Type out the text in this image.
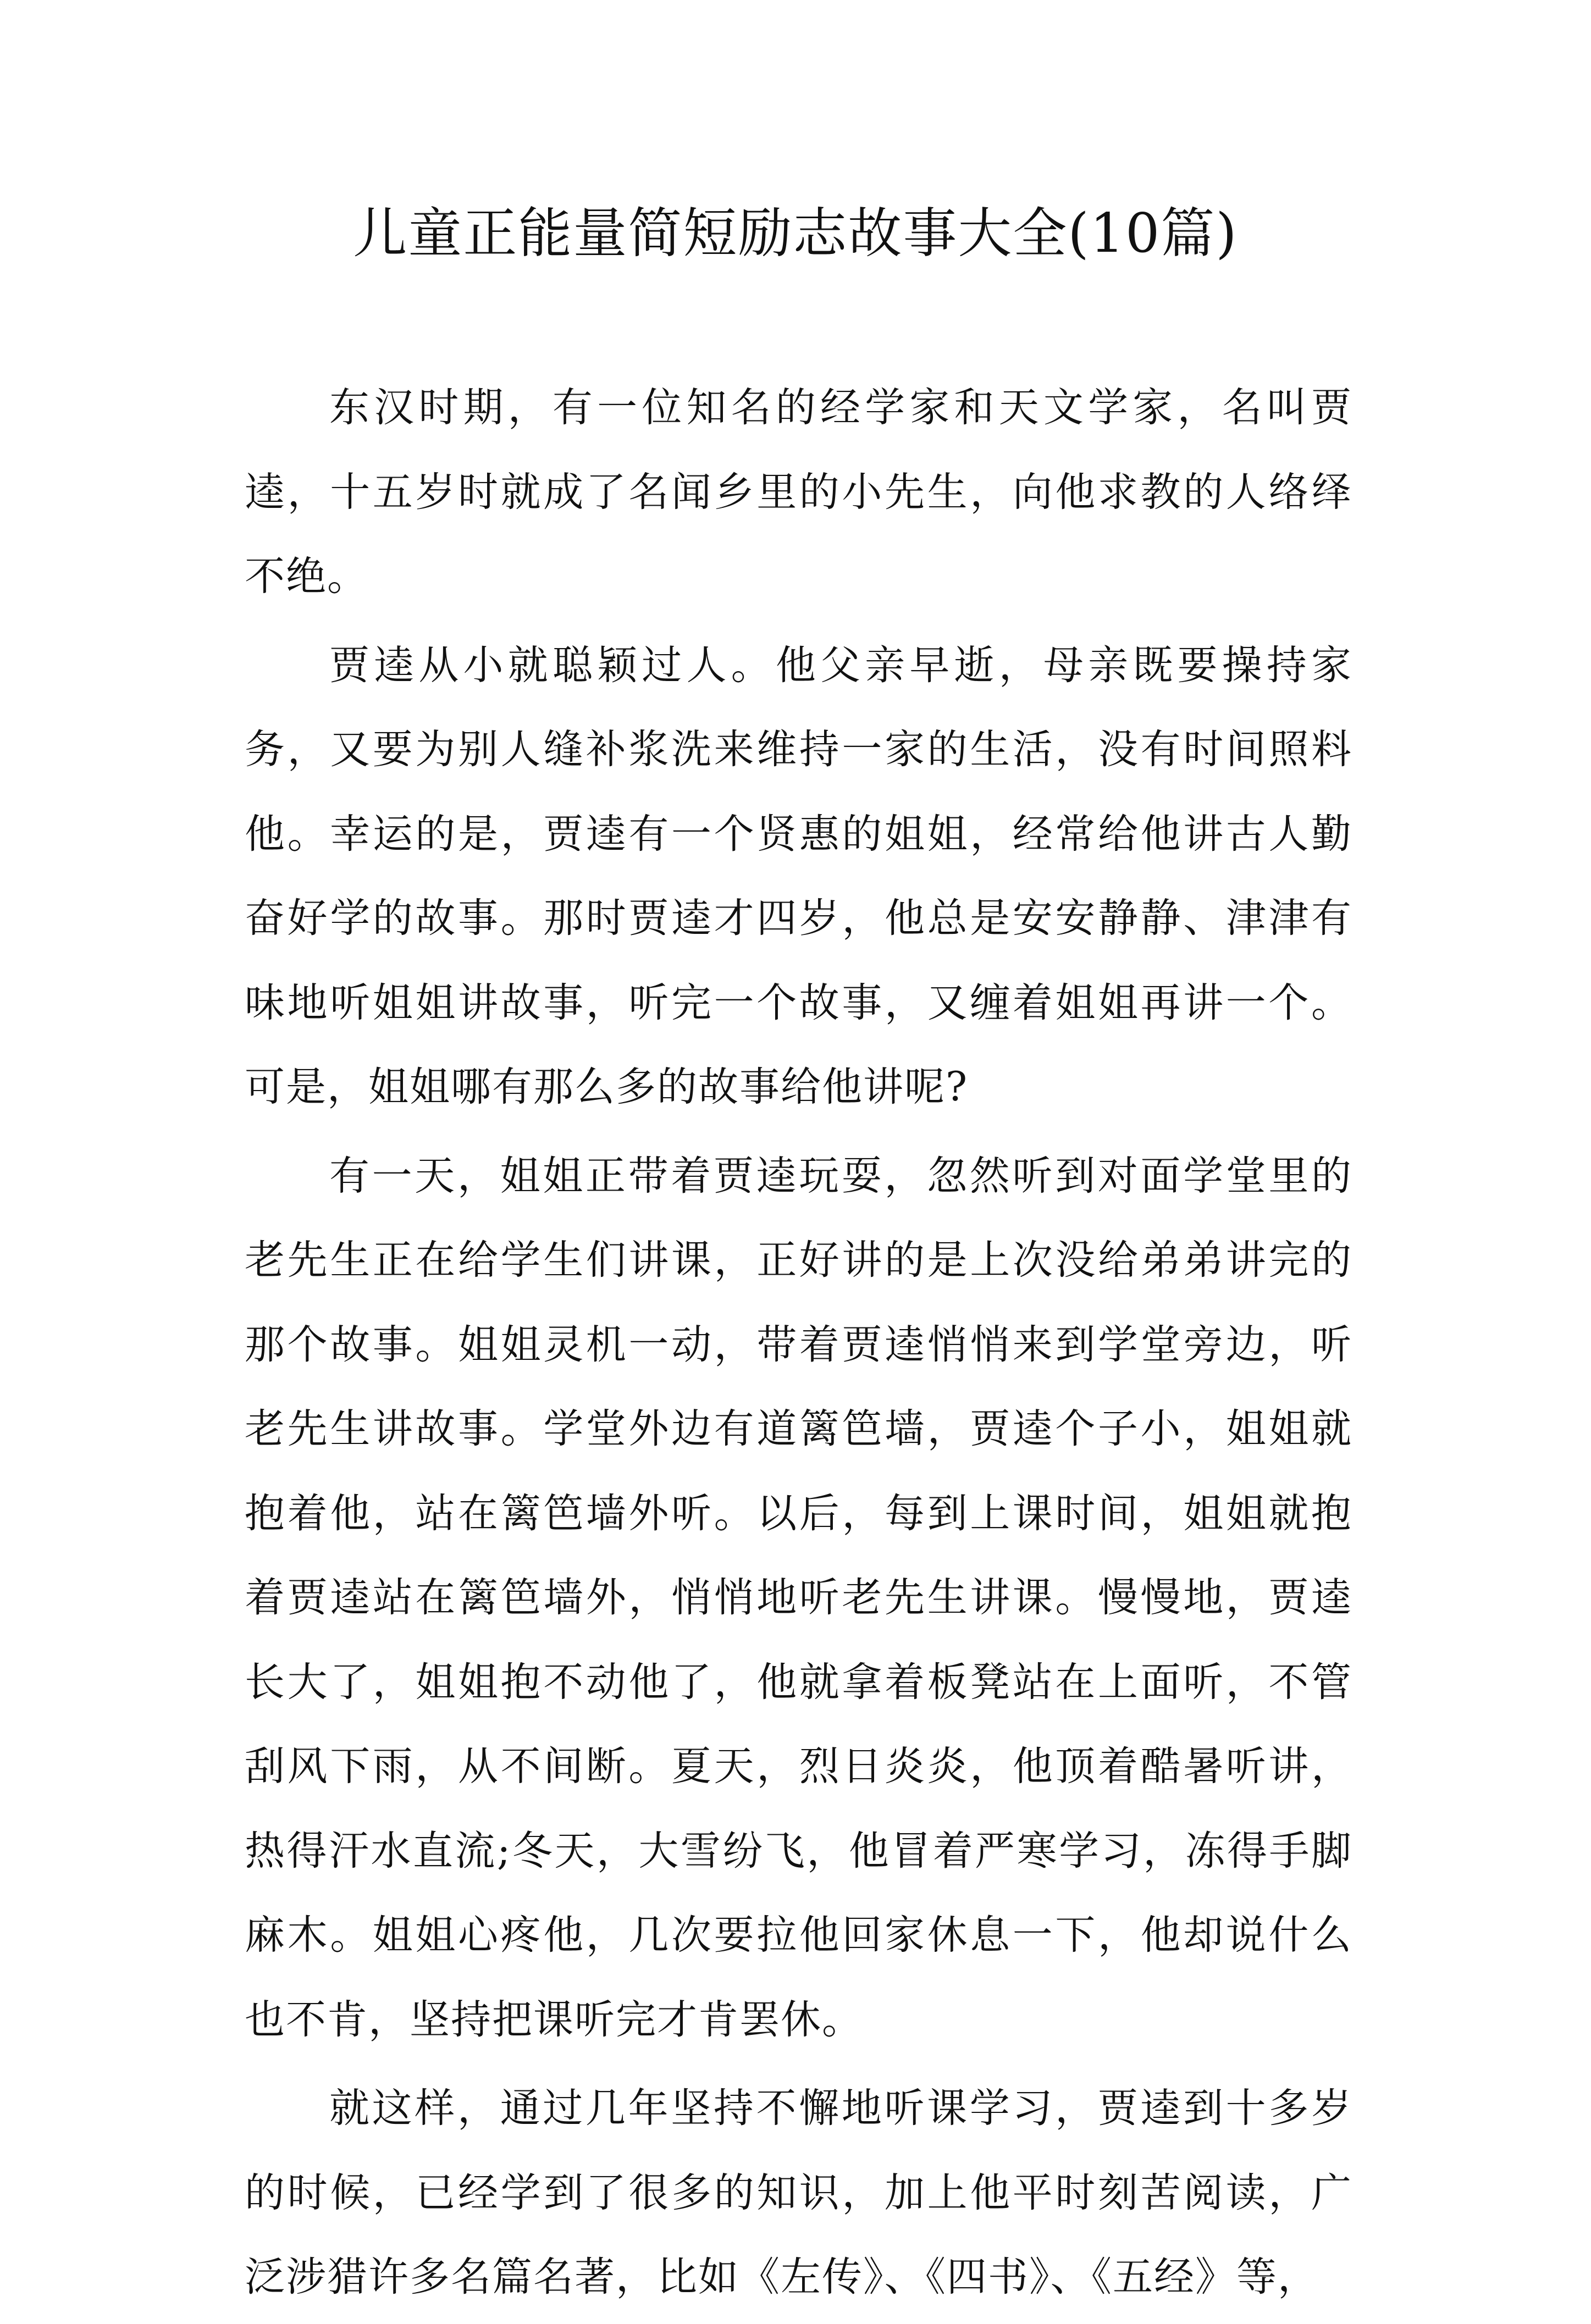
儿童正能量简短励志故事大全(10篇)

东汉时期，有一位知名的经学家和天文学家，名叫贾逵，十五岁时就成了名闻乡里的小先生，向他求教的人络绎不绝。

贾逵从小就聪颖过人。他父亲早逝，母亲既要操持家务，又要为别人缝补浆洗来维持一家的生活，没有时间照料他。幸运的是，贾逵有一个贤惠的姐姐，经常给他讲古人勤奋好学的故事。那时贾逵才四岁，他总是安安静静、津津有味地听姐姐讲故事，听完一个故事，又缠着姐姐再讲一个。可是，姐姐哪有那么多的故事给他讲呢?

有一天，姐姐正带着贾逵玩耍，忽然听到对面学堂里的老先生正在给学生们讲课，正好讲的是上次没给弟弟讲完的那个故事。姐姐灵机一动，带着贾逵悄悄来到学堂旁边，听老先生讲故事。学堂外边有道篱笆墙，贾逵个子小，姐姐就抱着他，站在篱笆墙外听。以后，每到上课时间，姐姐就抱着贾逵站在篱笆墙外，悄悄地听老先生讲课。慢慢地，贾逵长大了，姐姐抱不动他了，他就拿着板凳站在上面听，不管刮风下雨，从不间断。夏天，烈日炎炎，他顶着酷暑听讲，热得汗水直流;冬天，大雪纷飞，他冒着严寒学习，冻得手脚麻木。姐姐心疼他，几次要拉他回家休息一下，他却说什么也不肯，坚持把课听完才肯罢休。

就这样，通过几年坚持不懈地听课学习，贾逵到十多岁的时候，已经学到了很多的知识，加上他平时刻苦阅读，广泛涉猎许多名篇名著，比如《左传》、《四书》、《五经》等，
